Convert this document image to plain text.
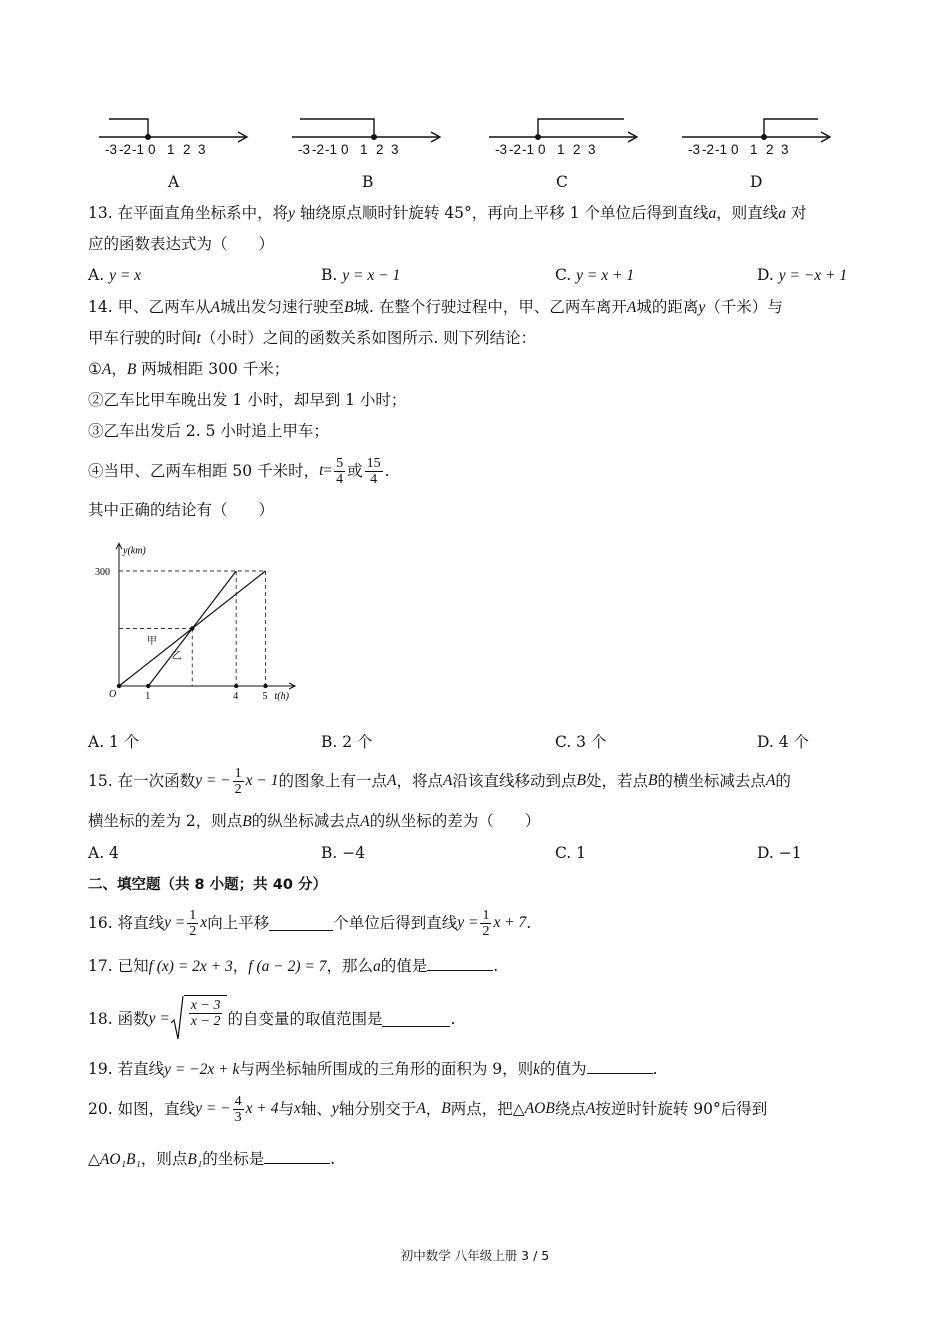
-3 -2 -1 0 1 2 3	-3 -2 -1 0 1 2 3	-3 -2 -1 0 1 2 3	-3 -2 -1 0 1 2 3
A	B	C	D
13. 在平面直角坐标系中，将y 轴绕原点顺时针旋转 45°，再向上平移 1 个单位后得到直线a，则直线a 对
应的函数表达式为（　　）
A. y = x	B. y = x − 1	C. y = x + 1	D. y = −x + 1
14. 甲、乙两车从A城出发匀速行驶至B城. 在整个行驶过程中，甲、乙两车离开A城的距离y（千米）与
甲车行驶的时间t（小时）之间的函数关系如图所示. 则下列结论：
①A，B 两城相距 300 千米；
②乙车比甲车晚出发 1 小时，却早到 1 小时；
③乙车出发后 2. 5 小时追上甲车；
④当甲、乙两车相距 50 千米时， $t = \frac{5}{4}$ 或 $\frac{15}{4}$ .
其中正确的结论有（　　）
甲
乙
y(km)
300
O	1	4 5 t(h)
A. 1 个	B. 2 个	C. 3 个	D. 4 个
15. 在一次函数 y = − $\frac{1}{2}$ x − 1 的图象上有一点 A ，将点 A 沿该直线移动到点 B 处，若点 B 的横坐标减去点 A 的
横坐标的差为 2，则点B的纵坐标减去点A的纵坐标的差为（　　）
A. 4	B. −4	C. 1	D. −1
二、填空题（共 8 小题；共 40 分）
16. 将直线 $y = \frac{1}{2}$ x 向上平移	个单位后得到直线 $y = \frac{1}{2}$ x + 7 .
17. 已知f (x) = 2x + 3，f (a − 2) = 7，那么a的值是	.
18. 函数 $y = \frac{x - 3}{x - 2}$ 的自变量的取值范围是	.
19. 若直线y = −2x + k与两坐标轴所围成的三角形的面积为 9，则k的值为	.
20. 如图，直线 y = − $\frac{4}{3}$ x + 4 与 x 轴、 y 轴分别交于 A ， B 两点，把△ AOB 绕点 A 按逆时针旋转 90°后得到
△AO₁B₁，则点B₁的坐标是	.
初中数学 八年级上册 3 / 5
